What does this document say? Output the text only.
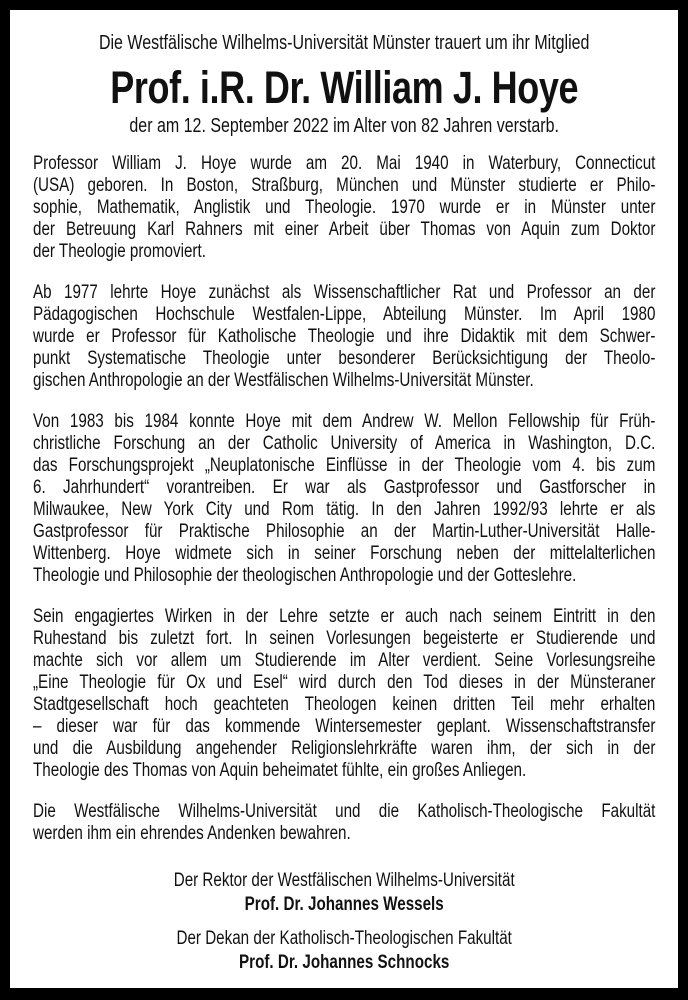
Die Westfälische Wilhelms-Universität Münster trauert um ihr Mitglied
Prof. i.R. Dr. William J. Hoye
der am 12. September 2022 im Alter von 82 Jahren verstarb.
Professor William J. Hoye wurde am 20. Mai 1940 in Waterbury, Connecticut
(USA) geboren. In Boston, Straßburg, München und Münster studierte er Philo-
sophie, Mathematik, Anglistik und Theologie. 1970 wurde er in Münster unter
der Betreuung Karl Rahners mit einer Arbeit über Thomas von Aquin zum Doktor
der Theologie promoviert.
Ab 1977 lehrte Hoye zunächst als Wissenschaftlicher Rat und Professor an der
Pädagogischen Hochschule Westfalen-Lippe, Abteilung Münster. Im April 1980
wurde er Professor für Katholische Theologie und ihre Didaktik mit dem Schwer-
punkt Systematische Theologie unter besonderer Berücksichtigung der Theolo-
gischen Anthropologie an der Westfälischen Wilhelms-Universität Münster.
Von 1983 bis 1984 konnte Hoye mit dem Andrew W. Mellon Fellowship für Früh-
christliche Forschung an der Catholic University of America in Washington, D.C.
das Forschungsprojekt „Neuplatonische Einflüsse in der Theologie vom 4. bis zum
6. Jahrhundert“ vorantreiben. Er war als Gastprofessor und Gastforscher in
Milwaukee, New York City und Rom tätig. In den Jahren 1992/93 lehrte er als
Gastprofessor für Praktische Philosophie an der Martin-Luther-Universität Halle-
Wittenberg. Hoye widmete sich in seiner Forschung neben der mittelalterlichen
Theologie und Philosophie der theologischen Anthropologie und der Gotteslehre.
Sein engagiertes Wirken in der Lehre setzte er auch nach seinem Eintritt in den
Ruhestand bis zuletzt fort. In seinen Vorlesungen begeisterte er Studierende und
machte sich vor allem um Studierende im Alter verdient. Seine Vorlesungsreihe
„Eine Theologie für Ox und Esel“ wird durch den Tod dieses in der Münsteraner
Stadtgesellschaft hoch geachteten Theologen keinen dritten Teil mehr erhalten
– dieser war für das kommende Wintersemester geplant. Wissenschaftstransfer
und die Ausbildung angehender Religionslehrkräfte waren ihm, der sich in der
Theologie des Thomas von Aquin beheimatet fühlte, ein großes Anliegen.
Die Westfälische Wilhelms-Universität und die Katholisch-Theologische Fakultät
werden ihm ein ehrendes Andenken bewahren.
Der Rektor der Westfälischen Wilhelms-Universität
Prof. Dr. Johannes Wessels
Der Dekan der Katholisch-Theologischen Fakultät
Prof. Dr. Johannes Schnocks
